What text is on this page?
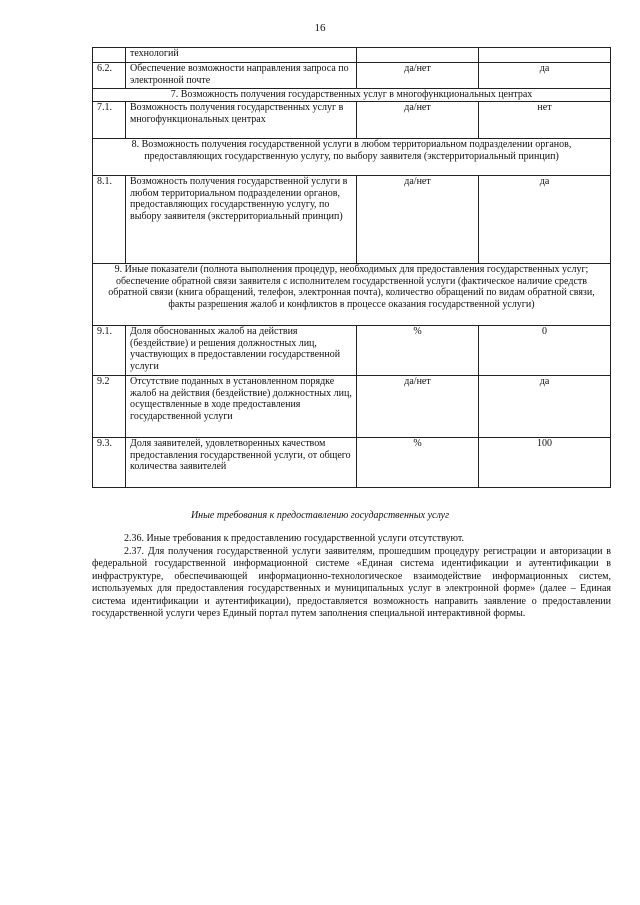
16
	технологий		
6.2.	Обеспечение возможности направления запроса по электронной почте	да/нет	да
7. Возможность получения государственных услуг в многофункциональных центрах			
7.1.	Возможность получения государственных услуг в многофункциональных центрах	да/нет	нет
8. Возможность получения государственной услуги в любом территориальном подразделении органов, предоставляющих государственную услугу, по выбору заявителя (экстерриториальный принцип)			
8.1.	Возможность получения государственной услуги в любом территориальном подразделении органов, предоставляющих государственную услугу, по выбору заявителя (экстерриториальный принцип)	да/нет	да
9. Иные показатели (полнота выполнения процедур, необходимых для предоставления государственных услуг; обеспечение обратной связи заявителя с исполнителем государственной услуги (фактическое наличие средств обратной связи (книга обращений, телефон, электронная почта), количество обращений по видам обратной связи, факты разрешения жалоб и конфликтов в процессе оказания государственной услуги)			
9.1.	Доля обоснованных жалоб на действия (бездействие) и решения должностных лиц, участвующих в предоставлении государственной услуги	%	0
9.2	Отсутствие поданных в установленном порядке жалоб на действия (бездействие) должностных лиц, осуществленные в ходе предоставления государственной услуги	да/нет	да
9.3.	Доля заявителей, удовлетворенных качеством предоставления государственной услуги, от общего количества заявителей	%	100
Иные требования к предоставлению государственных услуг

2.36. Иные требования к предоставлению государственной услуги отсутствуют.

2.37. Для получения государственной услуги заявителям, прошедшим процедуру регистрации и авторизации в федеральной государственной информационной системе «Единая система идентификации и аутентификации в инфраструктуре, обеспечивающей информационно-технологическое взаимодействие информационных систем, используемых для предоставления государственных и муниципальных услуг в электронной форме» (далее – Единая система идентификации и аутентификации), предоставляется возможность направить заявление о предоставлении государственной услуги через Единый портал путем заполнения специальной интерактивной формы.
